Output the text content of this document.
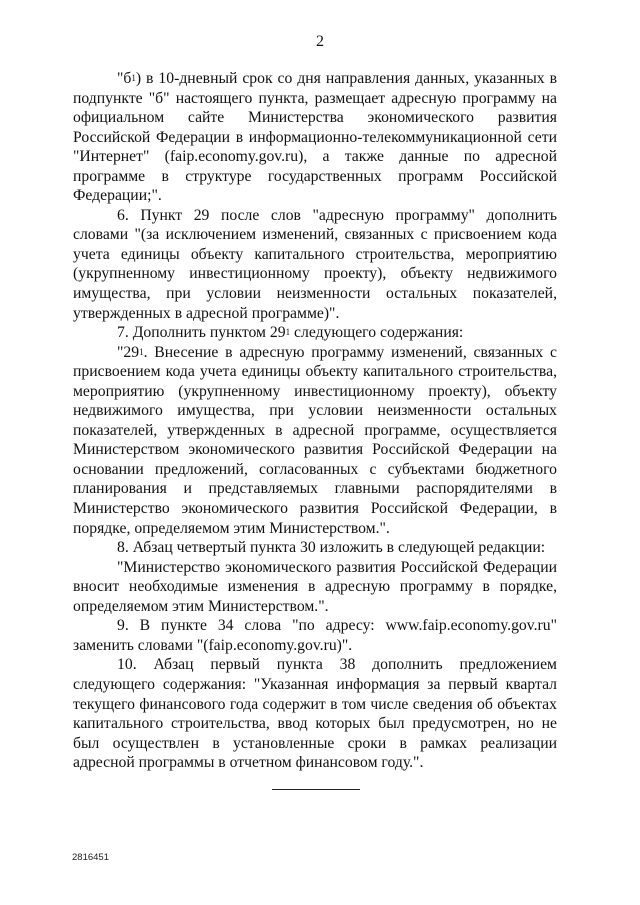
2

"$б^1$) в 10-дневный срок со дня направления данных, указанных в подпункте "б" настоящего пункта, размещает адресную программу на официальном сайте Министерства экономического развития Российской Федерации в информационно-телекоммуникационной сети "Интернет" (faip.economy.gov.ru), а также данные по адресной программе в структуре государственных программ Российской Федерации;".

6. Пункт 29 после слов "адресную программу" дополнить словами "(за исключением изменений, связанных с присвоением кода учета единицы объекту капитального строительства, мероприятию (укрупненному инвестиционному проекту), объекту недвижимого имущества, при условии неизменности остальных показателей, утвержденных в адресной программе)".

7. Дополнить пунктом $29^1$ следующего содержания:

"$29^1$. Внесение в адресную программу изменений, связанных с присвоением кода учета единицы объекту капитального строительства, мероприятию (укрупненному инвестиционному проекту), объекту недвижимого имущества, при условии неизменности остальных показателей, утвержденных в адресной программе, осуществляется Министерством экономического развития Российской Федерации на основании предложений, согласованных с субъектами бюджетного планирования и представляемых главными распорядителями в Министерство экономического развития Российской Федерации, в порядке, определяемом этим Министерством.".

8. Абзац четвертый пункта 30 изложить в следующей редакции:

"Министерство экономического развития Российской Федерации вносит необходимые изменения в адресную программу в порядке, определяемом этим Министерством.".

9. В пункте 34 слова "по адресу: www.faip.economy.gov.ru" заменить словами "(faip.economy.gov.ru)".

10. Абзац первый пункта 38 дополнить предложением следующего содержания: "Указанная информация за первый квартал текущего финансового года содержит в том числе сведения об объектах капитального строительства, ввод которых был предусмотрен, но не был осуществлен в установленные сроки в рамках реализации адресной программы в отчетном финансовом году.".

2816451
